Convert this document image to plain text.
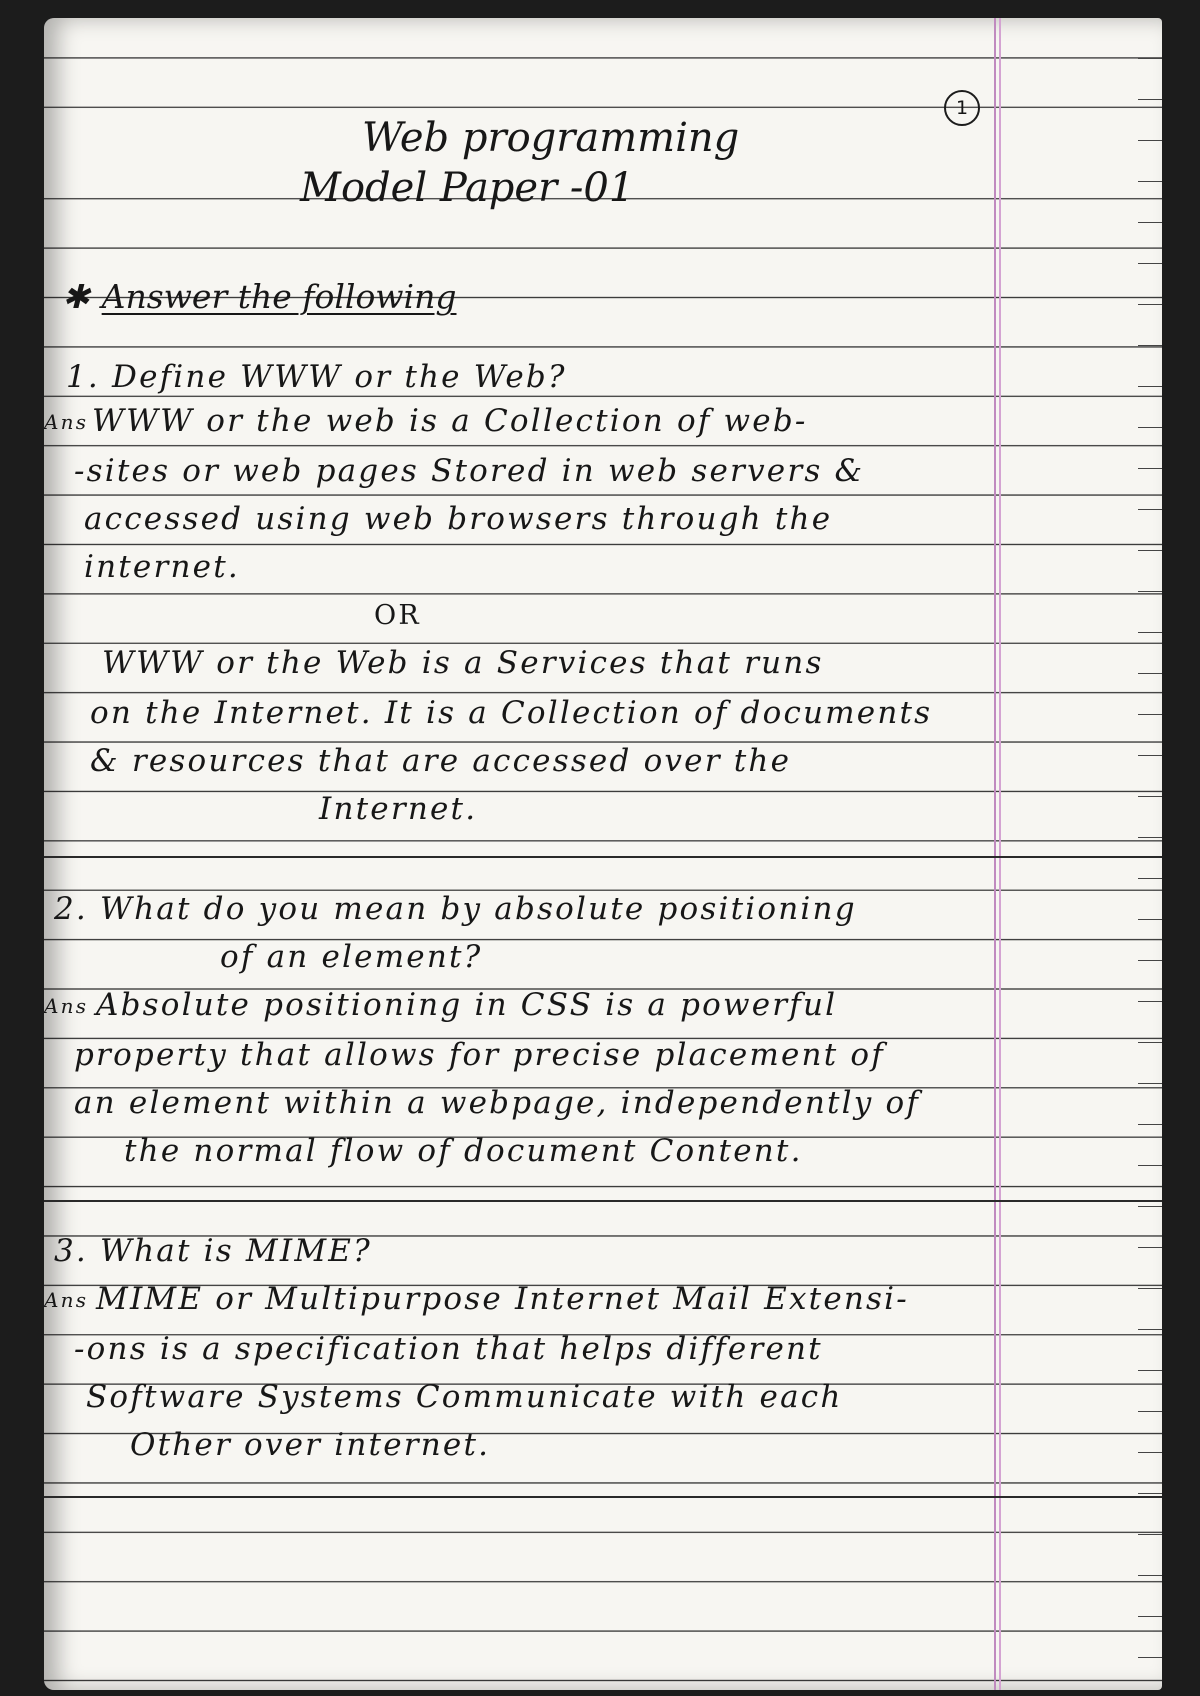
1
Web programming
Model Paper -01
✱ Answer the following
1. Define WWW or the Web?
Ans WWW or the web is a Collection of web-
-sites or web pages Stored in web servers &
accessed using web browsers through the
internet.
OR
WWW or the Web is a Services that runs
on the Internet. It is a Collection of documents
& resources that are accessed over the
Internet.
2. What do you mean by absolute positioning
of an element?
Ans Absolute positioning in CSS is a powerful
property that allows for precise placement of
an element within a webpage, independently of
the normal flow of document Content.
3. What is MIME?
Ans MIME or Multipurpose Internet Mail Extensi-
-ons is a specification that helps different
Software Systems Communicate with each
Other over internet.
